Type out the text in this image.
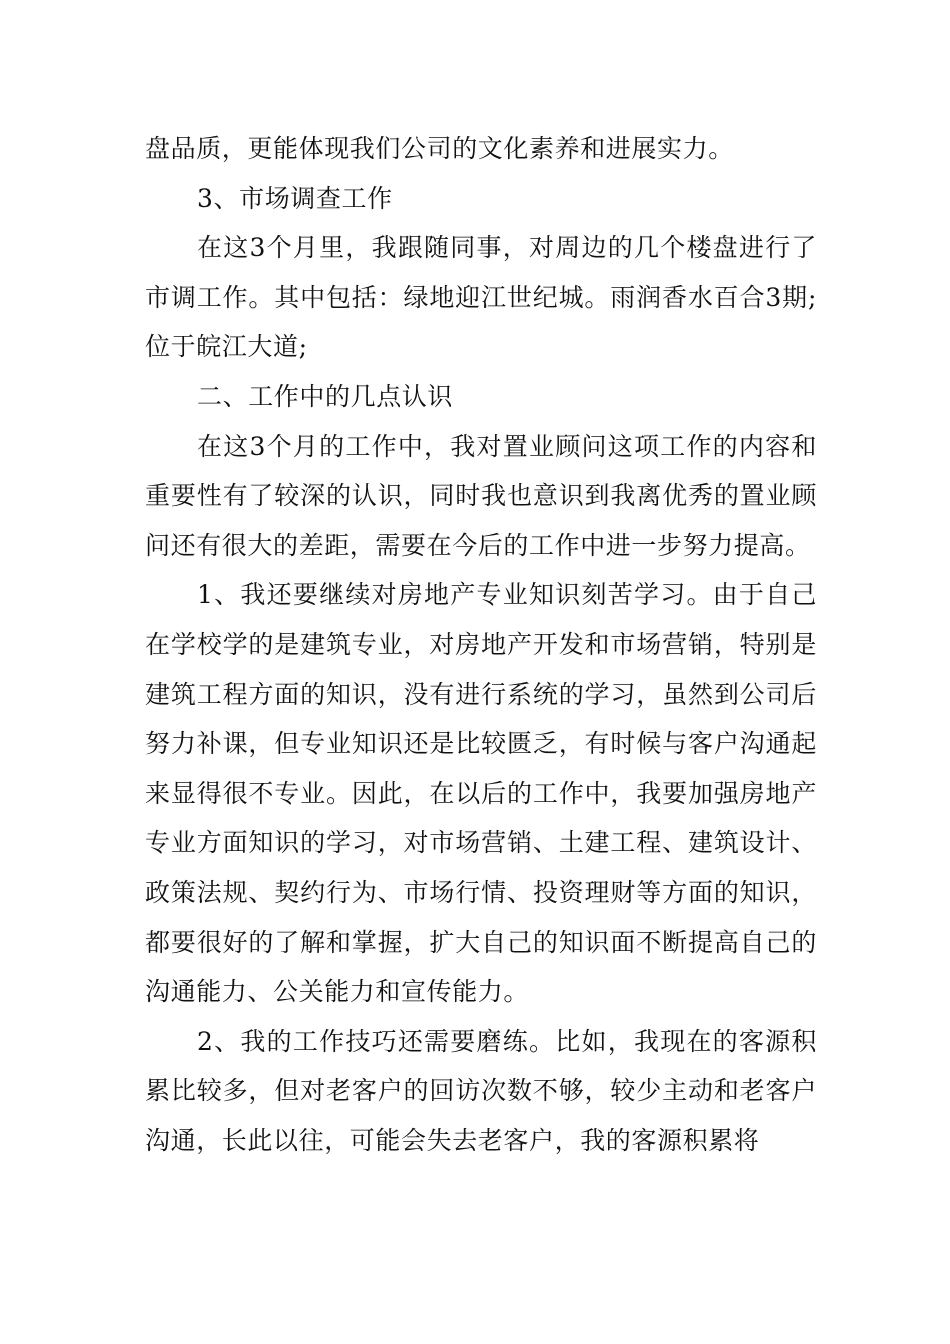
盘品质，更能体现我们公司的文化素养和进展实力。

3、市场调查工作

在这3个月里，我跟随同事，对周边的几个楼盘进行了市调工作。其中包括：绿地迎江世纪城。雨润香水百合3期;位于皖江大道;

二、工作中的几点认识

在这3个月的工作中，我对置业顾问这项工作的内容和重要性有了较深的认识，同时我也意识到我离优秀的置业顾问还有很大的差距，需要在今后的工作中进一步努力提高。

1、我还要继续对房地产专业知识刻苦学习。由于自己在学校学的是建筑专业，对房地产开发和市场营销，特别是建筑工程方面的知识，没有进行系统的学习，虽然到公司后努力补课，但专业知识还是比较匮乏，有时候与客户沟通起来显得很不专业。因此，在以后的工作中，我要加强房地产专业方面知识的学习，对市场营销、土建工程、建筑设计、政策法规、契约行为、市场行情、投资理财等方面的知识，都要很好的了解和掌握，扩大自己的知识面不断提高自己的沟通能力、公关能力和宣传能力。

2、我的工作技巧还需要磨练。比如，我现在的客源积累比较多，但对老客户的回访次数不够，较少主动和老客户沟通，长此以往，可能会失去老客户，我的客源积累将
